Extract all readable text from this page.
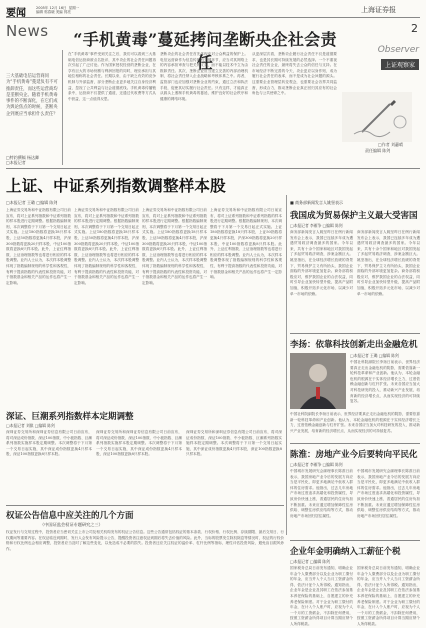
要闻	2005年 12月 16日  星期一
编辑 郭春晓 美编 郭亮	上海证券报
News	2
“手机黄毒”蔓延拷问垄断央企社会责任
三大基础电信运营商同为“手机黄毒”蔓延负有不可推卸责任，而这些运营商均是垄断央企。随着手机黄毒事件的不断深化，在它们成为舆论焦点的时候，垄断央企到底应当承担什么责任？
□特约撰稿 杨达卿
□本报记者
在“手机黄毒”事件受到关注之后，我们可以看到三大基础电信运营商被点名批评，其中央企的社会责任问题再次引起了广泛讨论。作为国家授权经营的垄断企业，在享有巨大的市场份额与利润回报的同时，理应承担与其地位相称的社会责任。长期以来，由于缺乏有效的竞争机制与外部监督，部分垄断企业更多地关注自身经济利益，忽视了公共利益与社会道德底线。手机黄毒传播链条中，运营商不仅提供了通道，还通过代收费等方式从中获益，这一点值得反思。
垄断央企的社会责任首先体现在对公众利益的保护上。电信运营商作为信息传播的关键环节，应当对其网络上的内容承担审查与把关的义务，而不能以技术中立为由推卸责任。其次，垄断企业应当建立完善的内部治理机制，将社会责任纳入企业战略和考核体系之中。再者，监管部门也应加强对垄断企业的约束，通过立法和执法手段，促使其切实履行社会责任。只有这样，才能真正从源头上遏制手机黄毒的蔓延，维护良好的社会秩序和健康的网络环境。
从更深层次看，垄断央企履行社会责任不仅是道德要求，也是其长期可持续发展的必然选择。一个不重视社会责任的企业，最终将失去公众的信任与支持。在市场经济不断完善的今天，央企更应以身作则，成为履行社会责任的表率，而不是成为社会问题的源头。这需要企业管理层转变观念，也需要社会各界共同监督，形成合力，推动垄断企业真正回归其应有的社会角色与公共使命之中。
Observer
上证观察家
□作者 刘蕙晴
责任编辑 陈剑
上证、中证系列指数调整样本股
□本报记者 王璐 □编辑 陈剑
上海证券交易所和中证指数有限公司日前宣布，将对上证系列指数和中证系列指数的样本股进行定期调整。根据指数编制规则，本次调整将于下月第一个交易日起正式实施。上证180指数将更换18只样本股，上证50指数将更换4只样本股，沪深300指数将更换20只样本股，中证100指数将更换8只样本股。此外，上证红利指数、上证治理指数等也将进行相应的样本股调整。业内人士认为，本次样本股调整体现了指数编制规则的科学性和客观性，有利于提高指数的代表性和投资功能，对于指数基金和相关产品的运作也将产生一定影响。
上海证券交易所和中证指数有限公司日前宣布，将对上证系列指数和中证系列指数的样本股进行定期调整。根据指数编制规则，本次调整将于下月第一个交易日起正式实施。上证180指数将更换18只样本股，上证50指数将更换4只样本股，沪深300指数将更换20只样本股，中证100指数将更换8只样本股。此外，上证红利指数、上证治理指数等也将进行相应的样本股调整。业内人士认为，本次样本股调整体现了指数编制规则的科学性和客观性，有利于提高指数的代表性和投资功能，对于指数基金和相关产品的运作也将产生一定影响。
上海证券交易所和中证指数有限公司日前宣布，将对上证系列指数和中证系列指数的样本股进行定期调整。根据指数编制规则，本次调整将于下月第一个交易日起正式实施。上证180指数将更换18只样本股，上证50指数将更换4只样本股，沪深300指数将更换20只样本股，中证100指数将更换8只样本股。此外，上证红利指数、上证治理指数等也将进行相应的样本股调整。业内人士认为，本次样本股调整体现了指数编制规则的科学性和客观性，有利于提高指数的代表性和投资功能，对于指数基金和相关产品的运作也将产生一定影响。
上海证券交易所和中证指数有限公司日前宣布，将对上证系列指数和中证系列指数的样本股进行定期调整。根据指数编制规则，本次调整将于下月第一个交易日起正式实施。上证180指数将更换18只样本股，上证50指数将更换4只样本股，沪深300指数将更换20只样本股，中证100指数将更换8只样本股。此外，上证红利指数、上证治理指数等也将进行相应的样本股调整。业内人士认为，本次样本股调整体现了指数编制规则的科学性和客观性，有利于提高指数的代表性和投资功能，对于指数基金和相关产品的运作也将产生一定影响。
深证、巨潮系列指数样本定期调整
□本报记者 刘骐 □编辑 陈剑
深圳证券交易所和深圳证券信息有限公司日前宣布，将对深证成份指数、深证100指数、中小板指数、巨潮系列指数实施样本股定期调整。本次调整将于下月第一个交易日起实施，其中深证成份指数更换4只样本股，深证100指数更换8只样本股。
深圳证券交易所和深圳证券信息有限公司日前宣布，将对深证成份指数、深证100指数、中小板指数、巨潮系列指数实施样本股定期调整。本次调整将于下月第一个交易日起实施，其中深证成份指数更换4只样本股，深证100指数更换8只样本股。
深圳证券交易所和深圳证券信息有限公司日前宣布，将对深证成份指数、深证100指数、中小板指数、巨潮系列指数实施样本股定期调整。本次调整将于下月第一个交易日起实施，其中深证成份指数更换4只样本股，深证100指数更换8只样本股。
权证公告信息中应关注的几个方面
（中国证监会权证专题研究之三）
权证发行与交易过程中，投资者应当密切关注上市公司及相关机构发布的权证公告信息。这些公告通常包括权证的基本条款、行权价格、行权比例、存续期限、最后交易日、行权期间等重要内容。在权证临近到期时，发行人会发布风险提示公告，提醒投资者注意权证到期后将失去价值的风险。此外，当标的股票发生除权除息等情况时，权证的行权价格和行权比例也会相应调整，投资者应当及时了解这些变化，以免造成不必要的损失。投资者还应关注权证的溢价率、杠杆比例等指标，理性评估投资风险，避免盲目跟风炒作。
■ 商务部新闻发言人姚坚表示
我国成为贸易保护主义最大受害国
□本报记者 李雁争 □编辑 陈剑
商务部新闻发言人姚坚昨日在例行新闻发布会上表示，我国已连续多年成为遭遇贸易救济调查最多的国家。今年以来，共有十余个国家和地区对我国发起了多起贸易救济调查，涉案金额巨大。姚坚指出，在全球经济增长放缓的背景下，贸易保护主义有所抬头，我国企业面临的外部环境更加复杂。商务部将积极应对，维护我国企业的合法权益，同时引导企业加快转型升级，提高产品附加值，积极开拓多元化市场，以减少对单一市场的依赖。
商务部新闻发言人姚坚昨日在例行新闻发布会上表示，我国已连续多年成为遭遇贸易救济调查最多的国家。今年以来，共有十余个国家和地区对我国发起了多起贸易救济调查，涉案金额巨大。姚坚指出，在全球经济增长放缓的背景下，贸易保护主义有所抬头，我国企业面临的外部环境更加复杂。商务部将积极应对，维护我国企业的合法权益，同时引导企业加快转型升级，提高产品附加值，积极开拓多元化市场，以减少对单一市场的依赖。
李扬：依靠科技创新走出金融危机
□本报记者 王璐 □编辑 陈剑
中国社科院副院长李扬日前表示，世界经济要真正走出金融危机的阴影，需要依靠新一轮科技革命和产业创新。他认为，本轮金融危机的根源在于实体经济增长乏力，过度依赖金融创新与杠杆扩张。未来各国应当加大对科技研发的投入，推动新兴产业发展，培育新的经济增长点，从而实现经济的可持续复苏。
中国社科院副院长李扬日前表示，世界经济要真正走出金融危机的阴影，需要依靠新一轮科技革命和产业创新。他认为，本轮金融危机的根源在于实体经济增长乏力，过度依赖金融创新与杠杆扩张。未来各国应当加大对科技研发的投入，推动新兴产业发展，培育新的经济增长点，从而实现经济的可持续复苏。
陈淮：房地产业今后要转向平民化
□本报记者 李雁争 □编辑 陈剑
中国城市发展研究会副理事长陈淮日前表示，我国房地产业今后的发展方向应当是平民化，即更多地满足中低收入群体的住房需求。他指出，过去几年房地产市场过度追求高端化和投资属性，导致房价快速上涨，普通居民的住房负担不断加重。未来应通过增加保障性住房供给、调整住房供应结构等方式，推动房地产市场回归居住属性。
中国城市发展研究会副理事长陈淮日前表示，我国房地产业今后的发展方向应当是平民化，即更多地满足中低收入群体的住房需求。他指出，过去几年房地产市场过度追求高端化和投资属性，导致房价快速上涨，普通居民的住房负担不断加重。未来应通过增加保障性住房供给、调整住房供应结构等方式，推动房地产市场回归居住属性。
企业年金明确纳入工薪征个税
□本报记者 □编辑 陈剑
国家税务总局日前发布通知，明确企业年金个人缴费部分以及企业为职工缴付的年金，应当并入个人当月工资薪金所得，依法计征个人所得税。通知指出，企业年金是企业及其职工在依法参加基本养老保险的基础上，自愿建立的补充养老保险制度。对于企业为职工缴付的年金，在计入个人账户时，应视为个人一个月的工资薪金，不扣除任何费用，按照工资薪金所得项目计算当期应纳个人所得税款。
国家税务总局日前发布通知，明确企业年金个人缴费部分以及企业为职工缴付的年金，应当并入个人当月工资薪金所得，依法计征个人所得税。通知指出，企业年金是企业及其职工在依法参加基本养老保险的基础上，自愿建立的补充养老保险制度。对于企业为职工缴付的年金，在计入个人账户时，应视为个人一个月的工资薪金，不扣除任何费用，按照工资薪金所得项目计算当期应纳个人所得税款。
